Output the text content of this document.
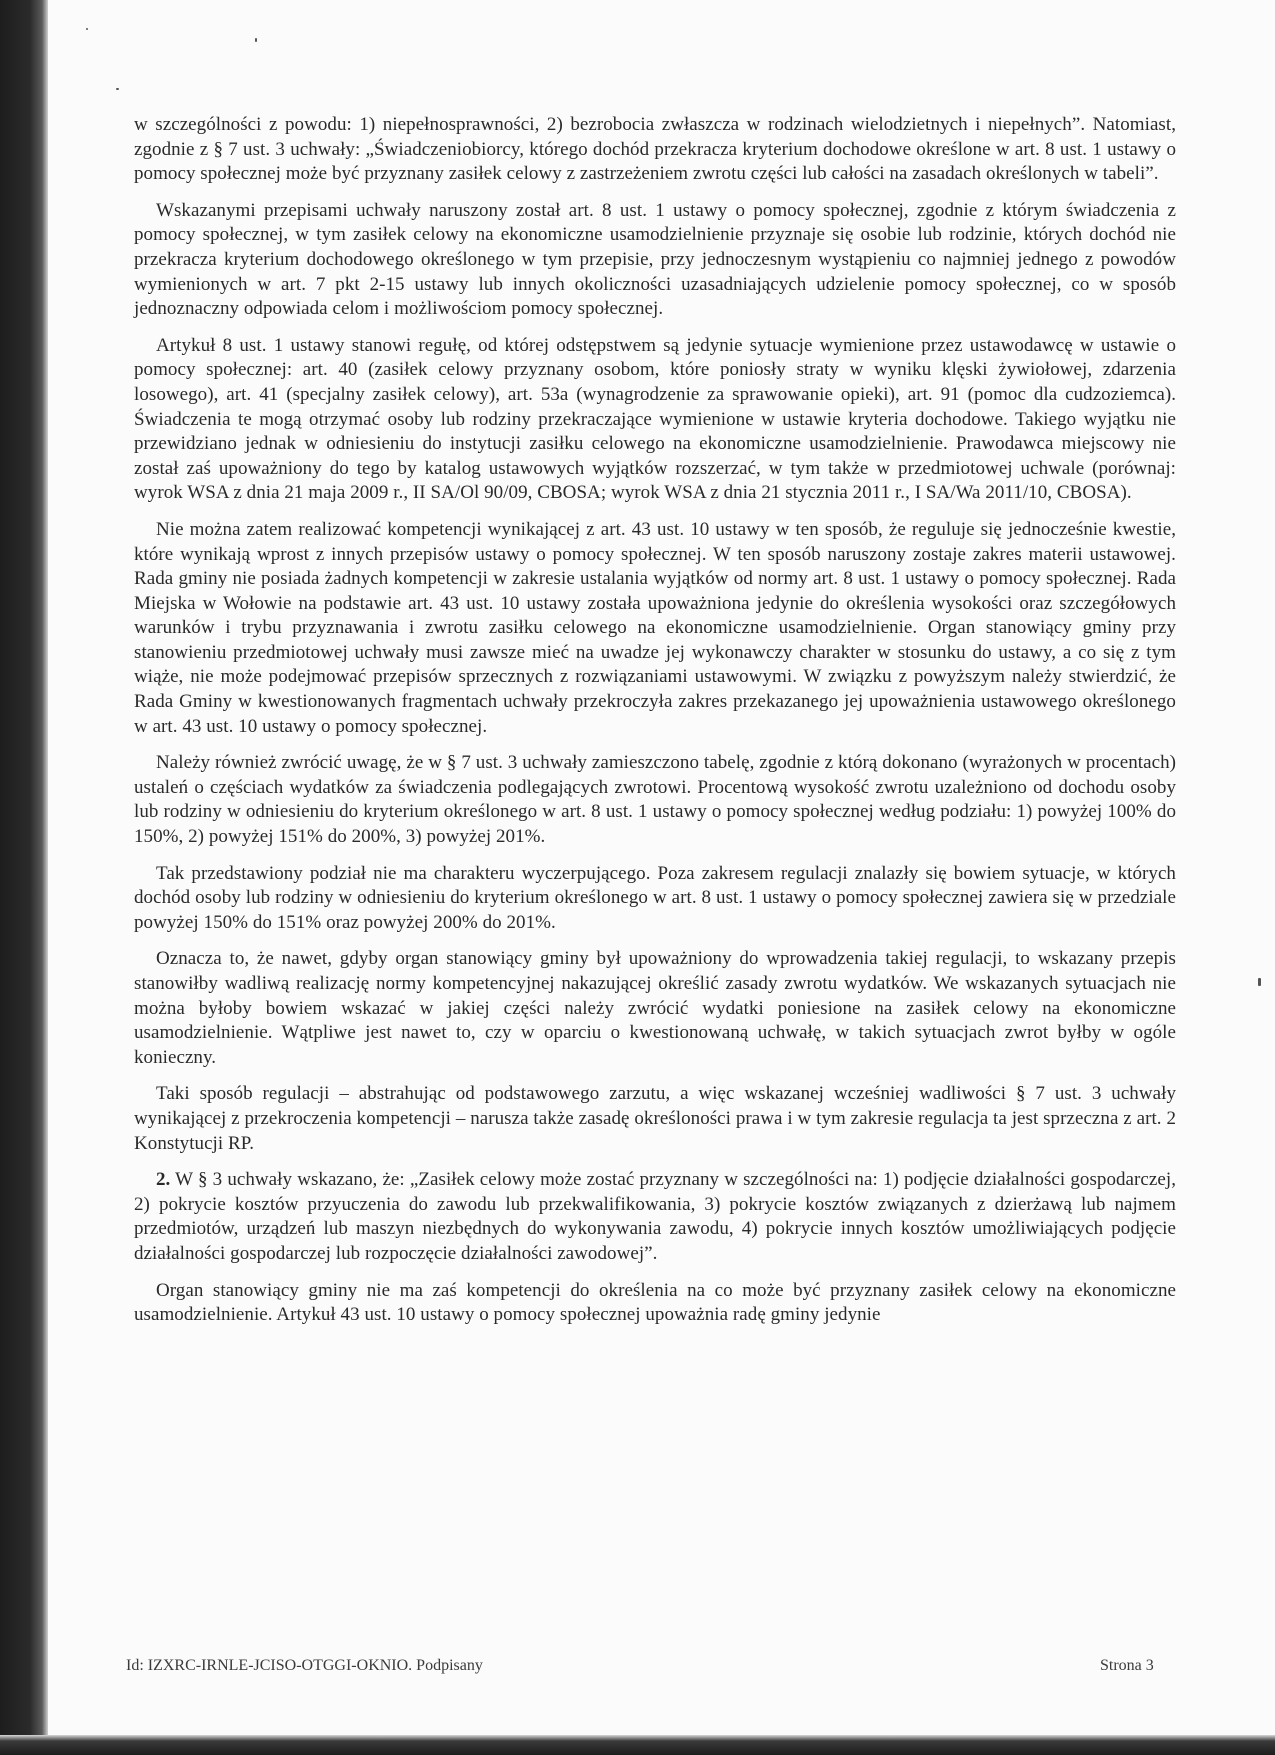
w szczególności z powodu: 1) niepełnosprawności, 2) bezrobocia zwłaszcza w rodzinach wielodzietnych i niepełnych”. Natomiast, zgodnie z § 7 ust. 3 uchwały: „Świadczeniobiorcy, którego dochód przekracza kryterium dochodowe określone w art. 8 ust. 1 ustawy o pomocy społecznej może być przyznany zasiłek celowy z zastrzeżeniem zwrotu części lub całości na zasadach określonych w tabeli”.

Wskazanymi przepisami uchwały naruszony został art. 8 ust. 1 ustawy o pomocy społecznej, zgodnie z którym świadczenia z pomocy społecznej, w tym zasiłek celowy na ekonomiczne usamodzielnienie przyznaje się osobie lub rodzinie, których dochód nie przekracza kryterium dochodowego określonego w tym przepisie, przy jednoczesnym wystąpieniu co najmniej jednego z powodów wymienionych w art. 7 pkt 2-15 ustawy lub innych okoliczności uzasadniających udzielenie pomocy społecznej, co w sposób jednoznaczny odpowiada celom i możliwościom pomocy społecznej.

Artykuł 8 ust. 1 ustawy stanowi regułę, od której odstępstwem są jedynie sytuacje wymienione przez ustawodawcę w ustawie o pomocy społecznej: art. 40 (zasiłek celowy przyznany osobom, które poniosły straty w wyniku klęski żywiołowej, zdarzenia losowego), art. 41 (specjalny zasiłek celowy), art. 53a (wynagrodzenie za sprawowanie opieki), art. 91 (pomoc dla cudzoziemca). Świadczenia te mogą otrzymać osoby lub rodziny przekraczające wymienione w ustawie kryteria dochodowe. Takiego wyjątku nie przewidziano jednak w odniesieniu do instytucji zasiłku celowego na ekonomiczne usamodzielnienie. Prawodawca miejscowy nie został zaś upoważniony do tego by katalog ustawowych wyjątków rozszerzać, w tym także w przedmiotowej uchwale (porównaj: wyrok WSA z dnia 21 maja 2009 r., II SA/Ol 90/09, CBOSA; wyrok WSA z dnia 21 stycznia 2011 r., I SA/Wa 2011/10, CBOSA).

Nie można zatem realizować kompetencji wynikającej z art. 43 ust. 10 ustawy w ten sposób, że reguluje się jednocześnie kwestie, które wynikają wprost z innych przepisów ustawy o pomocy społecznej. W ten sposób naruszony zostaje zakres materii ustawowej. Rada gminy nie posiada żadnych kompetencji w zakresie ustalania wyjątków od normy art. 8 ust. 1 ustawy o pomocy społecznej. Rada Miejska w Wołowie na podstawie art. 43 ust. 10 ustawy została upoważniona jedynie do określenia wysokości oraz szczegółowych warunków i trybu przyznawania i zwrotu zasiłku celowego na ekonomiczne usamodzielnienie. Organ stanowiący gminy przy stanowieniu przedmiotowej uchwały musi zawsze mieć na uwadze jej wykonawczy charakter w stosunku do ustawy, a co się z tym wiąże, nie może podejmować przepisów sprzecznych z rozwiązaniami ustawowymi. W związku z powyższym należy stwierdzić, że Rada Gminy w kwestionowanych fragmentach uchwały przekroczyła zakres przekazanego jej upoważnienia ustawowego określonego w art. 43 ust. 10 ustawy o pomocy społecznej.

Należy również zwrócić uwagę, że w § 7 ust. 3 uchwały zamieszczono tabelę, zgodnie z którą dokonano (wyrażonych w procentach) ustaleń o częściach wydatków za świadczenia podlegających zwrotowi. Procentową wysokość zwrotu uzależniono od dochodu osoby lub rodziny w odniesieniu do kryterium określonego w art. 8 ust. 1 ustawy o pomocy społecznej według podziału: 1) powyżej 100% do 150%, 2) powyżej 151% do 200%, 3) powyżej 201%.

Tak przedstawiony podział nie ma charakteru wyczerpującego. Poza zakresem regulacji znalazły się bowiem sytuacje, w których dochód osoby lub rodziny w odniesieniu do kryterium określonego w art. 8 ust. 1 ustawy o pomocy społecznej zawiera się w przedziale powyżej 150% do 151% oraz powyżej 200% do 201%.

Oznacza to, że nawet, gdyby organ stanowiący gminy był upoważniony do wprowadzenia takiej regulacji, to wskazany przepis stanowiłby wadliwą realizację normy kompetencyjnej nakazującej określić zasady zwrotu wydatków. We wskazanych sytuacjach nie można byłoby bowiem wskazać w jakiej części należy zwrócić wydatki poniesione na zasiłek celowy na ekonomiczne usamodzielnienie. Wątpliwe jest nawet to, czy w oparciu o kwestionowaną uchwałę, w takich sytuacjach zwrot byłby w ogóle konieczny.

Taki sposób regulacji – abstrahując od podstawowego zarzutu, a więc wskazanej wcześniej wadliwości § 7 ust. 3 uchwały wynikającej z przekroczenia kompetencji – narusza także zasadę określoności prawa i w tym zakresie regulacja ta jest sprzeczna z art. 2 Konstytucji RP.

2. W § 3 uchwały wskazano, że: „Zasiłek celowy może zostać przyznany w szczególności na: 1) podjęcie działalności gospodarczej, 2) pokrycie kosztów przyuczenia do zawodu lub przekwalifikowania, 3) pokrycie kosztów związanych z dzierżawą lub najmem przedmiotów, urządzeń lub maszyn niezbędnych do wykonywania zawodu, 4) pokrycie innych kosztów umożliwiających podjęcie działalności gospodarczej lub rozpoczęcie działalności zawodowej”.

Organ stanowiący gminy nie ma zaś kompetencji do określenia na co może być przyznany zasiłek celowy na ekonomiczne usamodzielnienie. Artykuł 43 ust. 10 ustawy o pomocy społecznej upoważnia radę gminy jedynie

Id: IZXRC-IRNLE-JCISO-OTGGI-OKNIO. Podpisany	Strona 3
